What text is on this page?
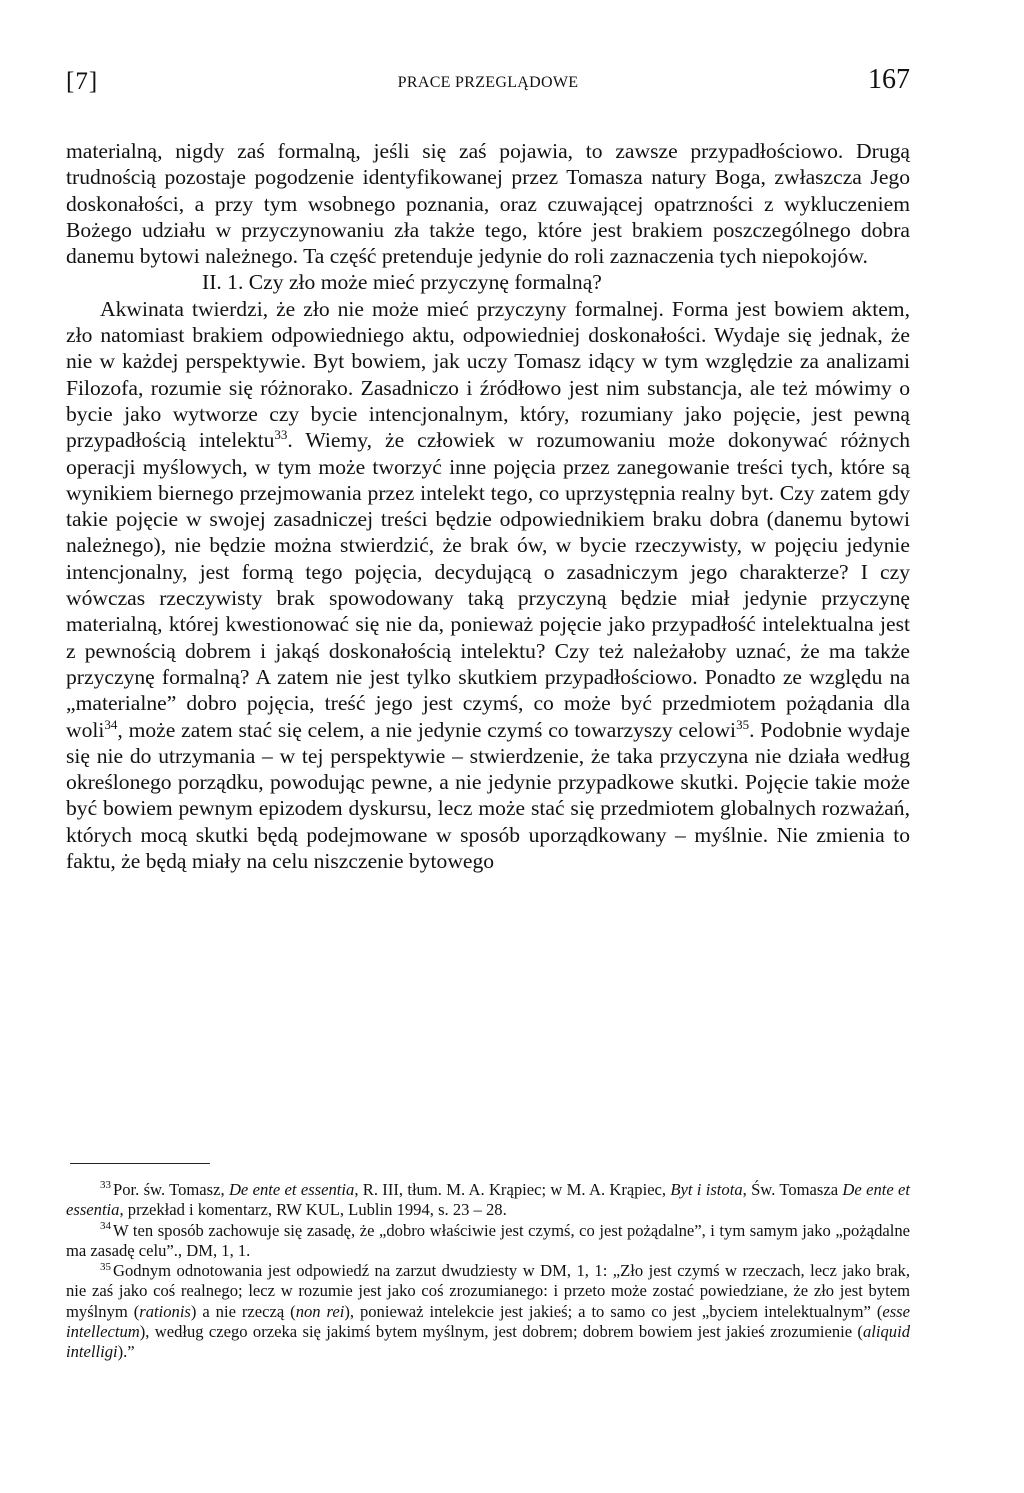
[7]	PRACE PRZEGLĄDOWE	167

materialną, nigdy zaś formalną, jeśli się zaś pojawia, to zawsze przypadłościowo. Drugą trudnością pozostaje pogodzenie identyfikowanej przez Tomasza natury Boga, zwłaszcza Jego doskonałości, a przy tym wsobnego poznania, oraz czuwającej opatrzności z wykluczeniem Bożego udziału w przyczynowaniu zła także tego, które jest brakiem poszczególnego dobra danemu bytowi należnego. Ta część pretenduje jedynie do roli zaznaczenia tych niepokojów.

II. 1. Czy zło może mieć przyczynę formalną?

Akwinata twierdzi, że zło nie może mieć przyczyny formalnej. Forma jest bowiem aktem, zło natomiast brakiem odpowiedniego aktu, odpowiedniej doskonałości. Wydaje się jednak, że nie w każdej perspektywie. Byt bowiem, jak uczy Tomasz idący w tym względzie za analizami Filozofa, rozumie się różnorako. Zasadniczo i źródłowo jest nim substancja, ale też mówimy o bycie jako wytworze czy bycie intencjonalnym, który, rozumiany jako pojęcie, jest pewną przypadłością intelektu$^{33}$. Wiemy, że człowiek w rozumowaniu może dokonywać różnych operacji myślowych, w tym może tworzyć inne pojęcia przez zanegowanie treści tych, które są wynikiem biernego przejmowania przez intelekt tego, co uprzystępnia realny byt. Czy zatem gdy takie pojęcie w swojej zasadniczej treści będzie odpowiednikiem braku dobra (danemu bytowi należnego), nie będzie można stwierdzić, że brak ów, w bycie rzeczywisty, w pojęciu jedynie intencjonalny, jest formą tego pojęcia, decydującą o zasadniczym jego charakterze? I czy wówczas rzeczywisty brak spowodowany taką przyczyną będzie miał jedynie przyczynę materialną, której kwestionować się nie da, ponieważ pojęcie jako przypadłość intelektualna jest z pewnością dobrem i jakąś doskonałością intelektu? Czy też należałoby uznać, że ma także przyczynę formalną? A zatem nie jest tylko skutkiem przypadłościowo. Ponadto ze względu na „materialne” dobro pojęcia, treść jego jest czymś, co może być przedmiotem pożądania dla woli$^{34}$, może zatem stać się celem, a nie jedynie czymś co towarzyszy celowi$^{35}$. Podobnie wydaje się nie do utrzymania – w tej perspektywie – stwierdzenie, że taka przyczyna nie działa według określonego porządku, powodując pewne, a nie jedynie przypadkowe skutki. Pojęcie takie może być bowiem pewnym epizodem dyskursu, lecz może stać się przedmiotem globalnych rozważań, których mocą skutki będą podejmowane w sposób uporządkowany – myślnie. Nie zmienia to faktu, że będą miały na celu niszczenie bytowego

$^{33}$ Por. św. Tomasz, De ente et essentia, R. III, tłum. M. A. Krąpiec; w M. A. Krąpiec, Byt i istota, Św. Tomasza De ente et essentia, przekład i komentarz, RW KUL, Lublin 1994, s. 23 – 28.

$^{34}$ W ten sposób zachowuje się zasadę, że „dobro właściwie jest czymś, co jest pożądalne”, i tym samym jako „pożądalne ma zasadę celu”., DM, 1, 1.

$^{35}$ Godnym odnotowania jest odpowiedź na zarzut dwudziesty w DM, 1, 1: „Zło jest czymś w rzeczach, lecz jako brak, nie zaś jako coś realnego; lecz w rozumie jest jako coś zrozumianego: i przeto może zostać powiedziane, że zło jest bytem myślnym (rationis) a nie rzeczą (non rei), ponieważ intelekcie jest jakieś; a to samo co jest „byciem intelektualnym” (esse intellectum), według czego orzeka się jakimś bytem myślnym, jest dobrem; dobrem bowiem jest jakieś zrozumienie (aliquid intelligi).”
